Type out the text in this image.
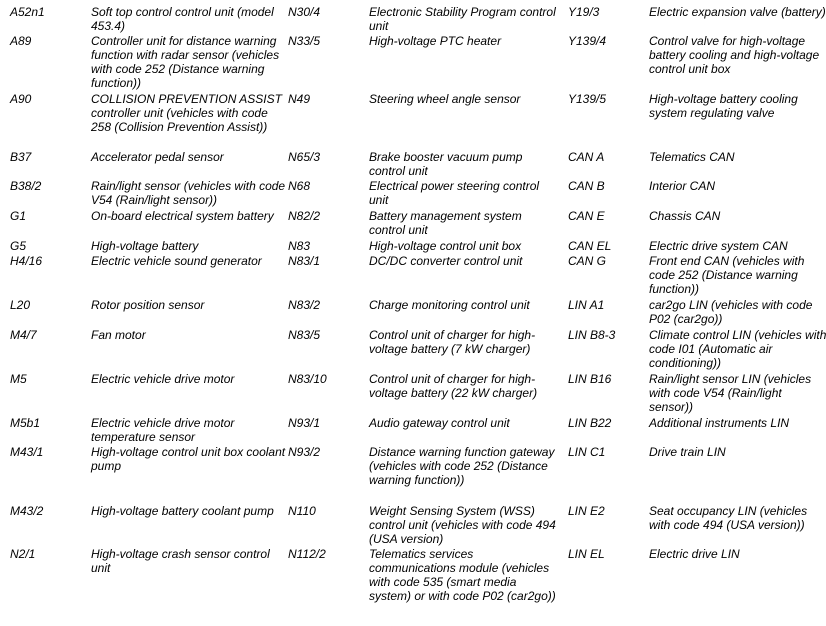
A52n1	Soft top control control unit (model 453.4)
A89	Controller unit for distance warning function with radar sensor (vehicles with code 252 (Distance warning function))
A90	COLLISION PREVENTION ASSIST controller unit (vehicles with code 258 (Collision Prevention Assist))
B37	Accelerator pedal sensor
B38/2	Rain/light sensor (vehicles with code V54 (Rain/light sensor))
G1	On-board electrical system battery
G5	High-voltage battery
H4/16	Electric vehicle sound generator
L20	Rotor position sensor
M4/7	Fan motor
M5	Electric vehicle drive motor
M5b1	Electric vehicle drive motor temperature sensor
M43/1	High-voltage control unit box coolant pump
M43/2	High-voltage battery coolant pump
N2/1	High-voltage crash sensor control unit
N30/4	Electronic Stability Program control unit
N33/5	High-voltage PTC heater
N49	Steering wheel angle sensor
N65/3	Brake booster vacuum pump control unit
N68	Electrical power steering control unit
N82/2	Battery management system control unit
N83	High-voltage control unit box
N83/1	DC/DC converter control unit
N83/2	Charge monitoring control unit
N83/5	Control unit of charger for high-voltage battery (7 kW charger)
N83/10	Control unit of charger for high-voltage battery (22 kW charger)
N93/1	Audio gateway control unit
N93/2	Distance warning function gateway (vehicles with code 252 (Distance warning function))
N110	Weight Sensing System (WSS) control unit (vehicles with code 494 (USA version)
N112/2	Telematics services communications module (vehicles with code 535 (smart media system) or with code P02 (car2go))
Y19/3	Electric expansion valve (battery)
Y139/4	Control valve for high-voltage battery cooling and high-voltage control unit box
Y139/5	High-voltage battery cooling system regulating valve
CAN A	Telematics CAN
CAN B	Interior CAN
CAN E	Chassis CAN
CAN EL	Electric drive system CAN
CAN G	Front end CAN (vehicles with code 252 (Distance warning function))
LIN A1	car2go LIN (vehicles with code P02 (car2go))
LIN B8-3	Climate control LIN (vehicles with code I01 (Automatic air conditioning))
LIN B16	Rain/light sensor LIN (vehicles with code V54 (Rain/light sensor))
LIN B22	Additional instruments LIN
LIN C1	Drive train LIN
LIN E2	Seat occupancy LIN (vehicles with code 494 (USA version))
LIN EL	Electric drive LIN
